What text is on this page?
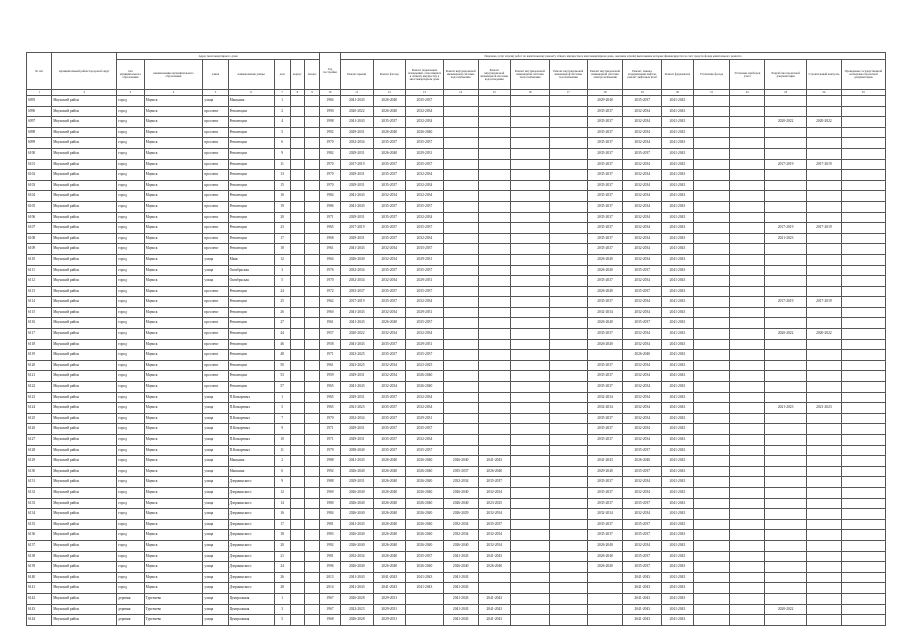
№ п/п	муниципальный район/городской округ	Адрес многоквартирного дома							Год постройки	Перечень услуг и (или) работ по капитальному ремонту общего имущества в многоквартирном доме, оказание и (или) выполнение которых финансируется за счет средств фонда капитального ремонта														
		тип муниципального образования	наименование муниципального образования	улица	наименование улицы	дом	корпус	литера		Ремонт крыши	Ремонт фасада	Ремонт подвальных помещений, относящихся к общему имуществу в многоквартирном доме	Ремонт внутридомовой инженерной системы водоснабжения	Ремонт внутридомовой инженерной системы водоотведения	Ремонт внутридомовой инженерной системы теплоснабжения	Ремонт внутридомовой инженерной системы газоснабжения	Ремонт внутридомовой инженерной системы электроснабжения	Ремонт, замена, модернизация лифтов, ремонт лифтовых шахт	Ремонт фундамента	Утепление фасада	Установка приборов учета	Разработка проектной документации	Строительный контроль	Проведение государственной экспертизы проектной документации
1	2	3	4	5	6	7	8	9	10	11	12	13	14	15	16	17	18	19	20	21	22	23	24	25
6095	Мценский район	город	Мценск	улица	Машкина	1			1984	2041-2043	2026-2040	2035-2037					2029-2040	2035-2037	2041-2043					
6096	Мценский район	город	Мценск	проспект	Революции	2			1990	2020-2022	2026-2040	2032-2034					2035-2037	2032-2034	2041-2043					
6097	Мценский район	город	Мценск	проспект	Революции	4			1998	2041-2043	2035-2037	2032-2034					2035-2037	2032-2034	2041-2043			2020-2022	2020-2022	
6098	Мценский район	город	Мценск	проспект	Революции	5			1992	2029-2031	2026-2040	2026-2040					2035-2037	2032-2034	2041-2043					
6099	Мценский район	город	Мценск	проспект	Революции	6			1970	2032-2034	2035-2037	2035-2037					2035-2037	2032-2034	2041-2043					
6100	Мценский район	город	Мценск	проспект	Революции	9			1982	2029-2031	2026-2040	2029-2031					2035-2037	2035-2037	2041-2043					
6101	Мценский район	город	Мценск	проспект	Революции	11			1970	2017-2019	2035-2037	2035-2037					2035-2037	2032-2034	2041-2043			2017-2019	2017-2019	
6102	Мценский район	город	Мценск	проспект	Революции	13			1970	2029-2031	2035-2037	2032-2034					2035-2037	2032-2034	2041-2043					
6103	Мценский район	город	Мценск	проспект	Революции	15			1970	2029-2031	2035-2037	2032-2034					2035-2037	2032-2034	2041-2043					
6104	Мценский район	город	Мценск	проспект	Революции	16			1984	2041-2043	2032-2034	2032-2034					2035-2037	2032-2034	2041-2043					
6105	Мценский район	город	Мценск	проспект	Революции	19			1986	2041-2043	2035-2037	2035-2037					2035-2037	2032-2034	2041-2043					
6106	Мценский район	город	Мценск	проспект	Революции	20			1971	2029-2031	2035-2037	2032-2034					2035-2037	2032-2034	2041-2043					
6107	Мценский район	город	Мценск	проспект	Революции	23			1965	2017-2019	2035-2037	2035-2037					2035-2037	2032-2034	2041-2043			2017-2019	2017-2019	
6108	Мценский район	город	Мценск	проспект	Революции	17			1968	2029-2031	2035-2037	2032-2034					2035-2037	2032-2034	2041-2043			2021-2023		
6109	Мценский район	город	Мценск	проспект	Революции	18			1961	2041-2043	2032-2034	2035-2037					2035-2037	2032-2034	2041-2043					
6110	Мценский район	город	Мценск	улица	Маяк	12			1964	2026-2040	2032-2034	2029-2031					2026-2040	2032-2034	2041-2043					
6111	Мценский район	город	Мценск	улица	Октябрьская	3			1976	2032-2034	2035-2037	2035-2037					2026-2040	2035-2037	2041-2043					
6112	Мценский район	город	Мценск	улица	Октябрьская	5			1970	2032-2034	2032-2034	2029-2031					2035-2037	2032-2034	2041-2043					
6113	Мценский район	город	Мценск	проспект	Революции	24			1972	2035-2037	2035-2037	2035-2037					2026-2040	2035-2037	2041-2043					
6114	Мценский район	город	Мценск	проспект	Революции	25			1962	2017-2019	2035-2037	2032-2034					2035-2037	2032-2034	2041-2043			2017-2019	2017-2019	
6115	Мценский район	город	Мценск	проспект	Революции	26			1960	2041-2043	2032-2034	2029-2031					2032-2034	2032-2034	2041-2043					
6116	Мценский район	город	Мценск	проспект	Революции	27			1961	2041-2043	2026-2040	2035-2037					2026-2040	2035-2037	2041-2043					
6117	Мценский район	город	Мценск	проспект	Революции	44			1957	2020-2022	2032-2034	2032-2034					2035-2037	2032-2034	2041-2043			2020-2022	2020-2022	
6118	Мценский район	город	Мценск	проспект	Революции	46			1958	2041-2043	2035-2037	2029-2031					2026-2040	2032-2034	2041-2043					
6119	Мценский район	город	Мценск	проспект	Революции	48			1971	2023-2025	2035-2037	2035-2037						2026-2040	2041-2043					
6120	Мценский район	город	Мценск	проспект	Революции	50			1961	2023-2025	2032-2034	2023-2025					2035-2037	2032-2034	2041-2043					
6121	Мценский район	город	Мценск	проспект	Революции	53			1959	2029-2031	2032-2034	2026-2040					2035-2037	2032-2034	2041-2043					
6122	Мценский район	город	Мценск	проспект	Революции	57			1965	2041-2043	2032-2034	2026-2040					2035-2037	2032-2034	2041-2043					
6123	Мценский район	город	Мценск	улица	П.Комаревых	1			1965	2029-2031	2035-2037	2032-2034					2032-2034	2032-2034	2041-2043					
6124	Мценский район	город	Мценск	улица	П.Комаревых	5			1965	2021-2023	2035-2037	2032-2034					2032-2034	2032-2034	2041-2043			2021-2023	2021-2023	
6125	Мценский район	город	Мценск	улица	П.Комаревых	7			1970	2032-2034	2035-2037	2029-2031					2035-2037	2032-2034	2041-2043					
6126	Мценский район	город	Мценск	улица	П.Комаревых	9			1971	2029-2031	2035-2037	2035-2037					2035-2037	2032-2034	2041-2043					
6127	Мценский район	город	Мценск	улица	П.Комаревых	10			1971	2029-2031	2035-2037	2032-2034					2035-2037	2032-2034	2041-2043					
6128	Мценский район	город	Мценск	улица	П.Комаревых	11			1979	2038-2040	2035-2037	2035-2037						2035-2037	2041-2043					
6129	Мценский район	город	Мценск	улица	Машкина	2			1988	2041-2043	2026-2040	2026-2040	2026-2040	2041-2043			2041-2043	2026-2040	2041-2043					
6130	Мценский район	город	Мценск	улица	Машкина	6			1992	2026-2040	2026-2040	2026-2040	2035-2037	2026-2040			2029-2040	2035-2037	2041-2043					
6131	Мценский район	город	Мценск	улица	Дзержинского	9			1988	2029-2031	2026-2040	2026-2040	2032-2034	2035-2037			2035-2037	2032-2034	2041-2043					
6132	Мценский район	город	Мценск	улица	Дзержинского	12			1969	2026-2040	2026-2040	2026-2040	2026-2040	2032-2034			2035-2037	2032-2034	2041-2043					
6133	Мценский район	город	Мценск	улица	Дзержинского	14			1980	2026-2040	2026-2040	2026-2040	2026-2040	2023-2025			2035-2037	2035-2037	2041-2043					
6134	Мценский район	город	Мценск	улица	Дзержинского	16			1984	2026-2040	2026-2040	2026-2040	2026-2029	2032-2034			2032-2034	2032-2034	2041-2043					
6135	Мценский район	город	Мценск	улица	Дзержинского	17			1981	2041-2043	2026-2040	2026-2040	2032-2034	2035-2037			2035-2037	2035-2037	2041-2043					
6136	Мценский район	город	Мценск	улица	Дзержинского	18			1983	2026-2040	2026-2040	2026-2040	2032-2034	2032-2034			2035-2037	2035-2037	2041-2043					
6137	Мценский район	город	Мценск	улица	Дзержинского	20			1992	2026-2040	2026-2040	2026-2040	2026-2040	2032-2034			2026-2040	2032-2034	2041-2043					
6138	Мценский район	город	Мценск	улица	Дзержинского	21			1981	2032-2034	2026-2040	2035-2037	2041-2043	2041-2043			2026-2040	2035-2037	2041-2043					
6139	Мценский район	город	Мценск	улица	Дзержинского	24			1996	2026-2040	2026-2040	2026-2040	2026-2040	2026-2040			2026-2040	2035-2037	2041-2043					
6140	Мценский район	город	Мценск	улица	Дзержинского	26			2013	2041-2043	2041-2043	2041-2043	2041-2043					2041-2043	2041-2043					
6141	Мценский район	город	Мценск	улица	Дзержинского	28			2014	2041-2043	2041-2043	2041-2043	2041-2043					2041-2043	2041-2043					
6142	Мценский район	деревня	Тургенево	улица	Центральная	1			1967	2026-2028	2029-2031		2041-2043	2041-2043				2041-2043	2041-2043					
6143	Мценский район	деревня	Тургенево	улица	Центральная	3			1967	2022-2023	2029-2031		2041-2043	2041-2043				2041-2043	2041-2043			2020-2022		
6144	Мценский район	деревня	Тургенево	улица	Центральная	5			1968	2026-2028	2029-2031		2041-2043	2041-2043				2041-2043	2041-2043					
